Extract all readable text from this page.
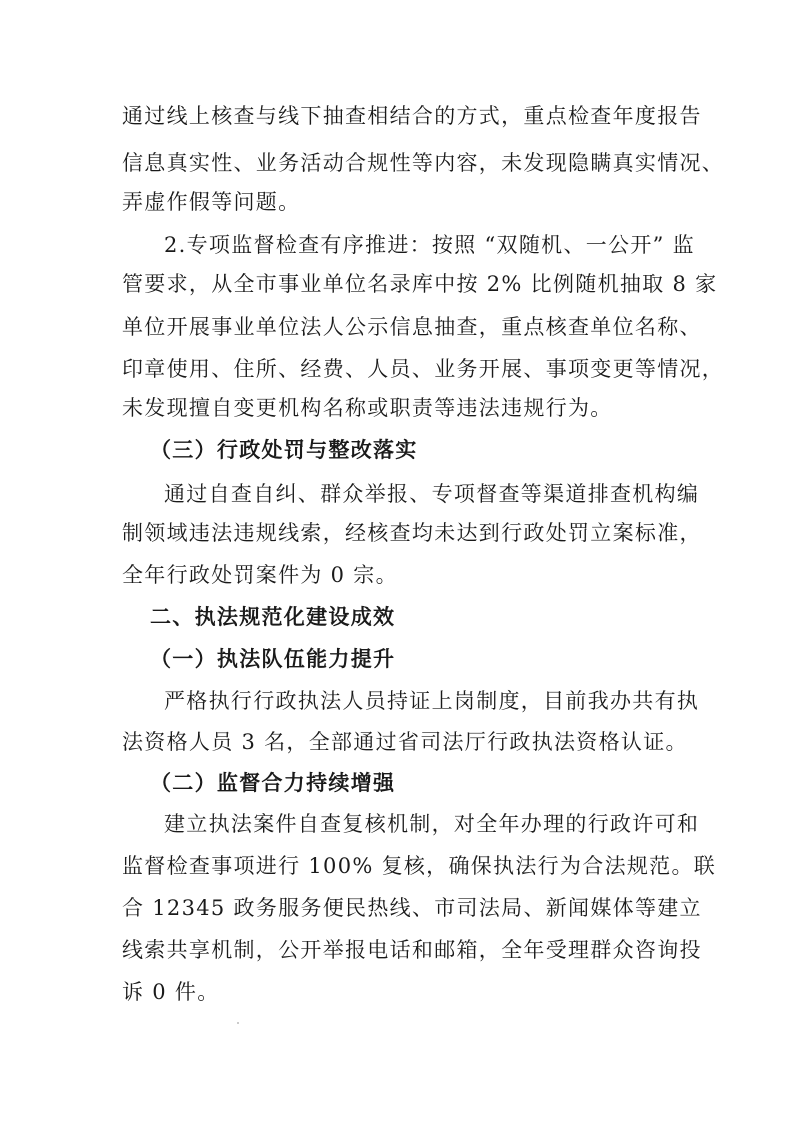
通过线上核查与线下抽查相结合的方式，重点检查年度报告
信息真实性、业务活动合规性等内容，未发现隐瞒真实情况、
弄虚作假等问题。
2.专项监督检查有序推进：按照 “双随机、一公开” 监
管要求，从全市事业单位名录库中按 2% 比例随机抽取 8 家
单位开展事业单位法人公示信息抽查，重点核查单位名称、
印章使用、住所、经费、人员、业务开展、事项变更等情况，
未发现擅自变更机构名称或职责等违法违规行为。
（三）行政处罚与整改落实
通过自查自纠、群众举报、专项督查等渠道排查机构编
制领域违法违规线索，经核查均未达到行政处罚立案标准，
全年行政处罚案件为 0 宗。
二、执法规范化建设成效
（一）执法队伍能力提升
严格执行行政执法人员持证上岗制度，目前我办共有执
法资格人员 3 名，全部通过省司法厅行政执法资格认证。
（二）监督合力持续增强
建立执法案件自查复核机制，对全年办理的行政许可和
监督检查事项进行 100% 复核，确保执法行为合法规范。联
合 12345 政务服务便民热线、市司法局、新闻媒体等建立
线索共享机制，公开举报电话和邮箱，全年受理群众咨询投
诉 0 件。
